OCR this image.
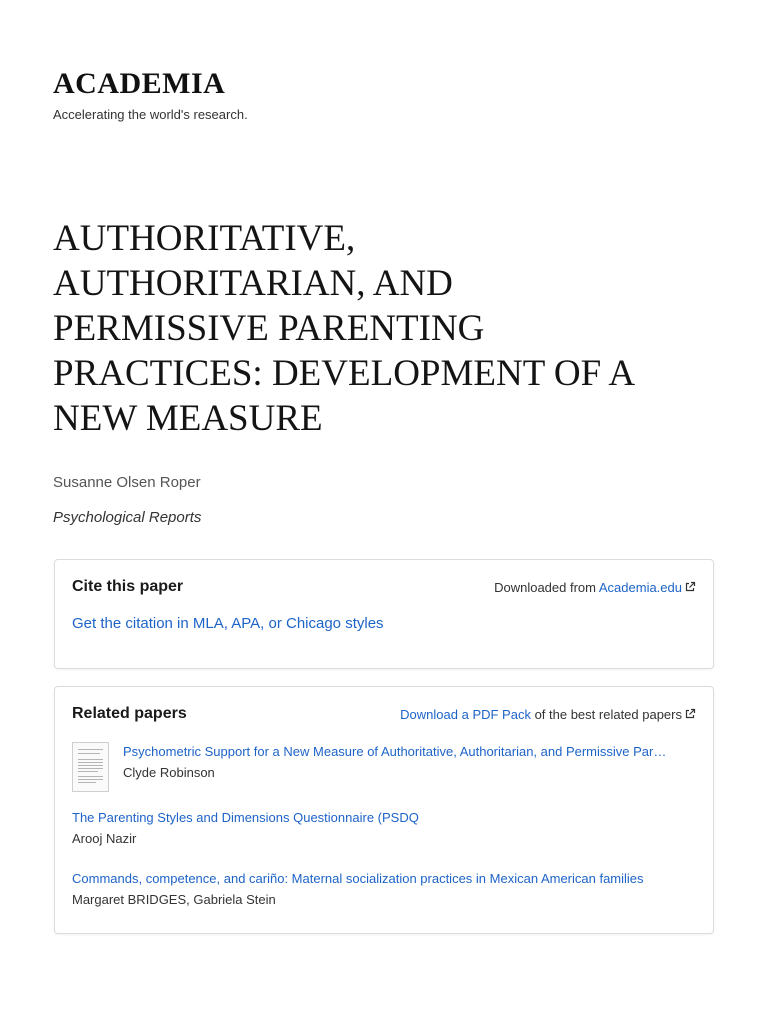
ACADEMIA
Accelerating the world's research.
AUTHORITATIVE,
AUTHORITARIAN, AND
PERMISSIVE PARENTING
PRACTICES: DEVELOPMENT OF A
NEW MEASURE
Susanne Olsen Roper
Psychological Reports
Cite this paper	Downloaded from Academia.edu
Get the citation in MLA, APA, or Chicago styles
Related papers	Download a PDF Pack of the best related papers
Psychometric Support for a New Measure of Authoritative, Authoritarian, and Permissive Par…
Clyde Robinson
The Parenting Styles and Dimensions Questionnaire (PSDQ
Arooj Nazir
Commands, competence, and cariño: Maternal socialization practices in Mexican American families
Margaret BRIDGES, Gabriela Stein
